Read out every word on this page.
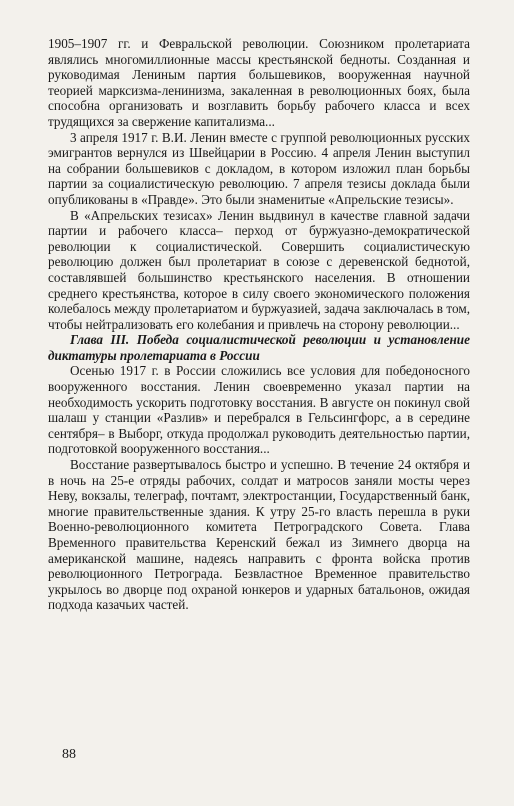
1905–1907 гг. и Февральской революции. Союзником пролетариата являлись многомиллионные массы крестьянской бедноты. Созданная и руководимая Лениным партия большевиков, вооруженная научной теорией марксизма-ленинизма, закаленная в революционных боях, была способна организовать и возглавить борьбу рабочего класса и всех трудящихся за свержение капитализма...

3 апреля 1917 г. В.И. Ленин вместе с группой революционных русских эмигрантов вернулся из Швейцарии в Россию. 4 апреля Ленин выступил на собрании большевиков с докладом, в котором изложил план борьбы партии за социалистическую революцию. 7 апреля тезисы доклада были опубликованы в «Правде». Это были знаменитые «Апрельские тезисы».

В «Апрельских тезисах» Ленин выдвинул в качестве главной задачи партии и рабочего класса– перход от буржуазно-демократической революции к социалистической. Совершить социалистическую революцию должен был пролетариат в союзе с деревенской беднотой, составлявшей большинство крестьянского населения. В отношении среднего крестьянства, которое в силу своего экономического положения колебалось между пролетариатом и буржуазией, задача заключалась в том, чтобы нейтрализовать его колебания и привлечь на сторону революции...

Глава III. Победа социалистической революции и установление диктатуры пролетариата в России

Осенью 1917 г. в России сложились все условия для победоносного вооруженного восстания. Ленин своевременно указал партии на необходимость ускорить подготовку восстания. В августе он покинул свой шалаш у станции «Разлив» и перебрался в Гельсингфорс, а в середине сентября– в Выборг, откуда продолжал руководить деятельностью партии, подготовкой вооруженного восстания...

Восстание развертывалось быстро и успешно. В течение 24 октября и в ночь на 25-е отряды рабочих, солдат и матросов заняли мосты через Неву, вокзалы, телеграф, почтамт, электростанции, Государственный банк, многие правительственные здания. К утру 25-го власть перешла в руки Военно-революционного комитета Петроградского Совета. Глава Временного правительства Керенский бежал из Зимнего дворца на американской машине, надеясь направить с фронта войска против революционного Петрограда. Безвластное Временное правительство укрылось во дворце под охраной юнкеров и ударных батальонов, ожидая подхода казачьих частей.

88
